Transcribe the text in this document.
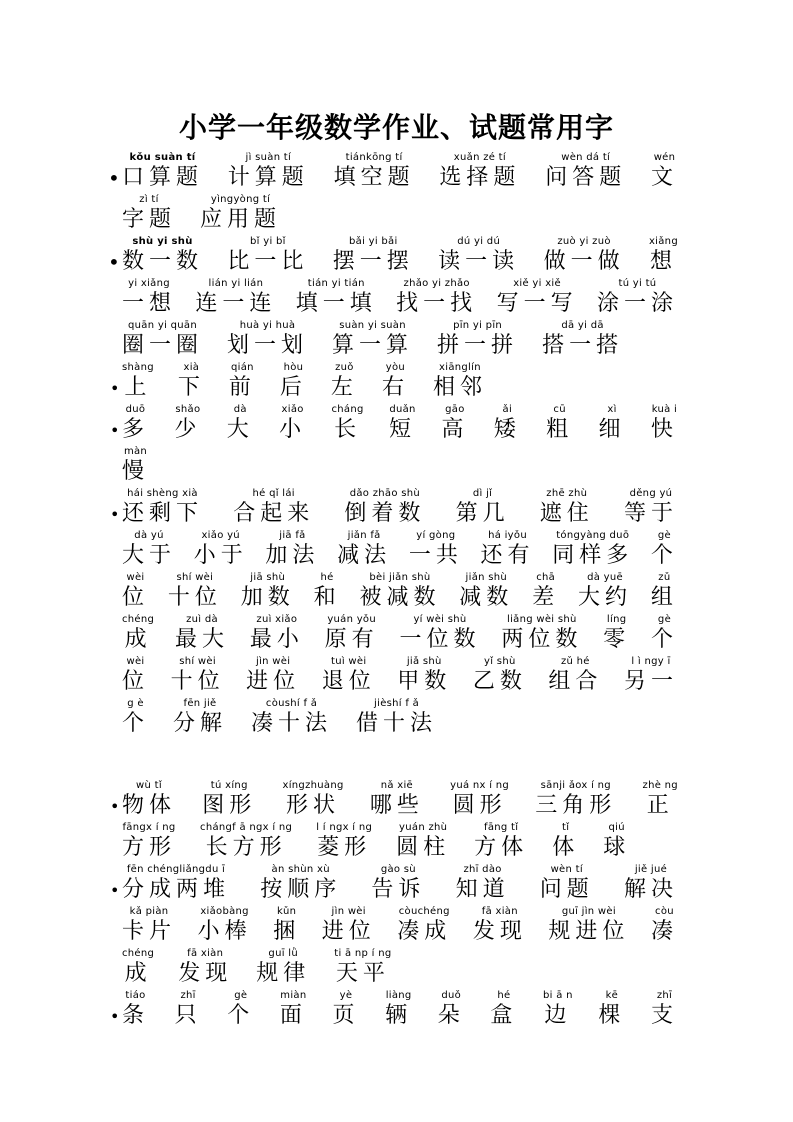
小学一年级数学作业、试题常用字
•
kǒu suàn tí
口算题
jì suàn tí
计算题
tiánkōng tí
填空题
xuǎn zé tí
选择题
wèn dá tí
问答题
wén
文
zì tí
字题
yìngyòng tí
应用题
•
shù yi shù
数一数
bǐ yi bǐ
比一比
bǎi yi bǎi
摆一摆
dú yi dú
读一读
zuò yi zuò
做一做
xiǎng
想
yi xiǎng
一想
lián yi lián
连一连
tián yi tián
填一填
zhǎo yi zhǎo
找一找
xiě yi xiě
写一写
tú yi tú
涂一涂
quān yi quān
圈一圈
huà yi huà
划一划
suàn yi suàn
算一算
pīn yi pīn
拼一拼
dā yi dā
搭一搭
•
shàng
上
xià
下
qián
前
hòu
后
zuǒ
左
yòu
右
xiānglín
相邻
•
duō
多
shǎo
少
dà
大
xiǎo
小
cháng
长
duǎn
短
gāo
高
ǎi
矮
cū
粗
xì
细
kuà i
快
màn
慢
•
hái shèng xià
还剩下
hé qǐ lái
合起来
dǎo zhāo shù
倒着数
dì jǐ
第几
zhē zhù
遮住
děng yú
等于
dà yú
大于
xiǎo yú
小于
jiā fǎ
加法
jiǎn fǎ
减法
yí gòng
一共
há iyǒu
还有
tóngyàng duō
同样多
gè
个
wèi
位
shí wèi
十位
jiā shù
加数
hé
和
bèi jiǎn shù
被减数
jiǎn shù
减数
chā
差
dà yuē
大约
zǔ
组
chéng
成
zuì dà
最大
zuì xiǎo
最小
yuán yǒu
原有
yí wèi shù
一位数
liǎng wèi shù
两位数
líng
零
gè
个
wèi
位
shí wèi
十位
jìn wèi
进位
tuì wèi
退位
jiǎ shù
甲数
yǐ shù
乙数
zǔ hé
组合
l ì ngy ī
另一
g è
个
fēn jiě
分解
còushí f ǎ
凑十法
jièshí f ǎ
借十法
•
wù tǐ
物体
tú xíng
图形
xíngzhuàng
形状
nǎ xiē
哪些
yuá nx í ng
圆形
sānji ǎox í ng
三角形
zhè ng
正
fāngx í ng
方形
chángf ā ngx í ng
长方形
l í ngx í ng
菱形
yuán zhù
圆柱
fāng tǐ
方体
tǐ
体
qiú
球
•
fēn chéngliǎngdu ī
分成两堆
àn shùn xù
按顺序
gào sù
告诉
zhī dào
知道
wèn tí
问题
jiě jué
解决
kǎ piàn
卡片
xiǎobàng
小棒
kǔn
捆
jìn wèi
进位
còuchéng
凑成
fā xiàn
发现
guī jìn wèi
规进位
còu
凑
chéng
成
fā xiàn
发现
guī lǜ
规律
ti ā np í ng
天平
•
tiáo
条
zhī
只
gè
个
miàn
面
yè
页
liàng
辆
duǒ
朵
hé
盒
bi ā n
边
kē
棵
zhī
支
